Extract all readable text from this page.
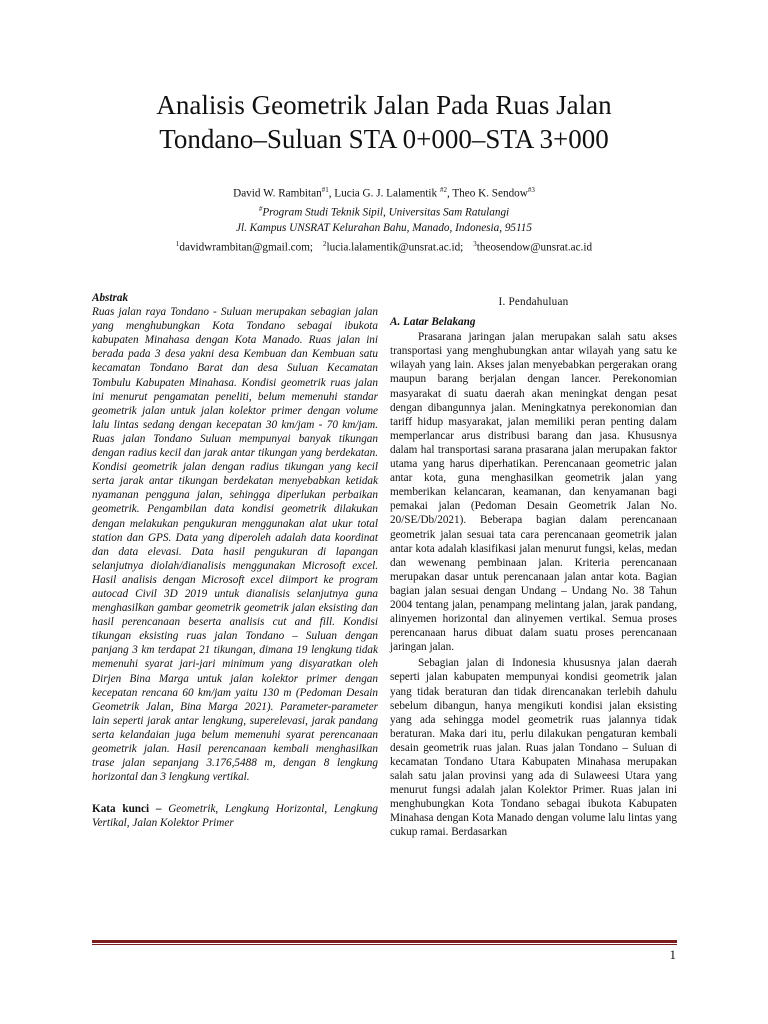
Analisis Geometrik Jalan Pada Ruas Jalan
Tondano–Suluan STA 0+000–STA 3+000
David W. Rambitan$^{\#1}$, Lucia G. J. Lalamentik $^{\#2}$, Theo K. Sendow$^{\#3}$
#Program Studi Teknik Sipil, Universitas Sam Ratulangi
Jl. Kampus UNSRAT Kelurahan Bahu, Manado, Indonesia, 95115
$^1$davidwrambitan@gmail.com; $^2$lucia.lalamentik@unsrat.ac.id; $^3$theosendow@unsrat.ac.id

Abstrak

Ruas jalan raya Tondano - Suluan merupakan sebagian jalan yang menghubungkan Kota Tondano sebagai ibukota kabupaten Minahasa dengan Kota Manado. Ruas jalan ini berada pada 3 desa yakni desa Kembuan dan Kembuan satu kecamatan Tondano Barat dan desa Suluan Kecamatan Tombulu Kabupaten Minahasa. Kondisi geometrik ruas jalan ini menurut pengamatan peneliti, belum memenuhi standar geometrik jalan untuk jalan kolektor primer dengan volume lalu lintas sedang dengan kecepatan 30 km/jam - 70 km/jam. Ruas jalan Tondano Suluan mempunyai banyak tikungan dengan radius kecil dan jarak antar tikungan yang berdekatan. Kondisi geometrik jalan dengan radius tikungan yang kecil serta jarak antar tikungan berdekatan menyebabkan ketidak nyamanan pengguna jalan, sehingga diperlukan perbaikan geometrik. Pengambilan data kondisi geometrik dilakukan dengan melakukan pengukuran menggunakan alat ukur total station dan GPS. Data yang diperoleh adalah data koordinat dan data elevasi. Data hasil pengukuran di lapangan selanjutnya diolah/dianalisis menggunakan Microsoft excel. Hasil analisis dengan Microsoft excel diimport ke program autocad Civil 3D 2019 untuk dianalisis selanjutnya guna menghasilkan gambar geometrik geometrik jalan eksisting dan hasil perencanaan beserta analisis cut and fill. Kondisi tikungan eksisting ruas jalan Tondano – Suluan dengan panjang 3 km terdapat 21 tikungan, dimana 19 lengkung tidak memenuhi syarat jari-jari minimum yang disyaratkan oleh Dirjen Bina Marga untuk jalan kolektor primer dengan kecepatan rencana 60 km/jam yaitu 130 m (Pedoman Desain Geometrik Jalan, Bina Marga 2021). Parameter-parameter lain seperti jarak antar lengkung, superelevasi, jarak pandang serta kelandaian juga belum memenuhi syarat perencanaan geometrik jalan. Hasil perencanaan kembali menghasilkan trase jalan sepanjang 3.176,5488 m, dengan 8 lengkung horizontal dan 3 lengkung vertikal.

Kata kunci – Geometrik, Lengkung Horizontal, Lengkung Vertikal, Jalan Kolektor Primer

I. Pendahuluan

A. Latar Belakang

Prasarana jaringan jalan merupakan salah satu akses transportasi yang menghubungkan antar wilayah yang satu ke wilayah yang lain. Akses jalan menyebabkan pergerakan orang maupun barang berjalan dengan lancer. Perekonomian masyarakat di suatu daerah akan meningkat dengan pesat dengan dibangunnya jalan. Meningkatnya perekonomian dan tariff hidup masyarakat, jalan memiliki peran penting dalam memperlancar arus distribusi barang dan jasa. Khususnya dalam hal transportasi sarana prasarana jalan merupakan faktor utama yang harus diperhatikan. Perencanaan geometric jalan antar kota, guna menghasilkan geometrik jalan yang memberikan kelancaran, keamanan, dan kenyamanan bagi pemakai jalan (Pedoman Desain Geometrik Jalan No. 20/SE/Db/2021). Beberapa bagian dalam perencanaan geometrik jalan sesuai tata cara perencanaan geometrik jalan antar kota adalah klasifikasi jalan menurut fungsi, kelas, medan dan wewenang pembinaan jalan. Kriteria perencanaan merupakan dasar untuk perencanaan jalan antar kota. Bagian bagian jalan sesuai dengan Undang – Undang No. 38 Tahun 2004 tentang jalan, penampang melintang jalan, jarak pandang, alinyemen horizontal dan alinyemen vertikal. Semua proses perencanaan harus dibuat dalam suatu proses perencanaan jaringan jalan.

Sebagian jalan di Indonesia khususnya jalan daerah seperti jalan kabupaten mempunyai kondisi geometrik jalan yang tidak beraturan dan tidak direncanakan terlebih dahulu sebelum dibangun, hanya mengikuti kondisi jalan eksisting yang ada sehingga model geometrik ruas jalannya tidak beraturan. Maka dari itu, perlu dilakukan pengaturan kembali desain geometrik ruas jalan. Ruas jalan Tondano – Suluan di kecamatan Tondano Utara Kabupaten Minahasa merupakan salah satu jalan provinsi yang ada di Sulaweesi Utara yang menurut fungsi adalah jalan Kolektor Primer. Ruas jalan ini menghubungkan Kota Tondano sebagai ibukota Kabupaten Minahasa dengan Kota Manado dengan volume lalu lintas yang cukup ramai. Berdasarkan

1
